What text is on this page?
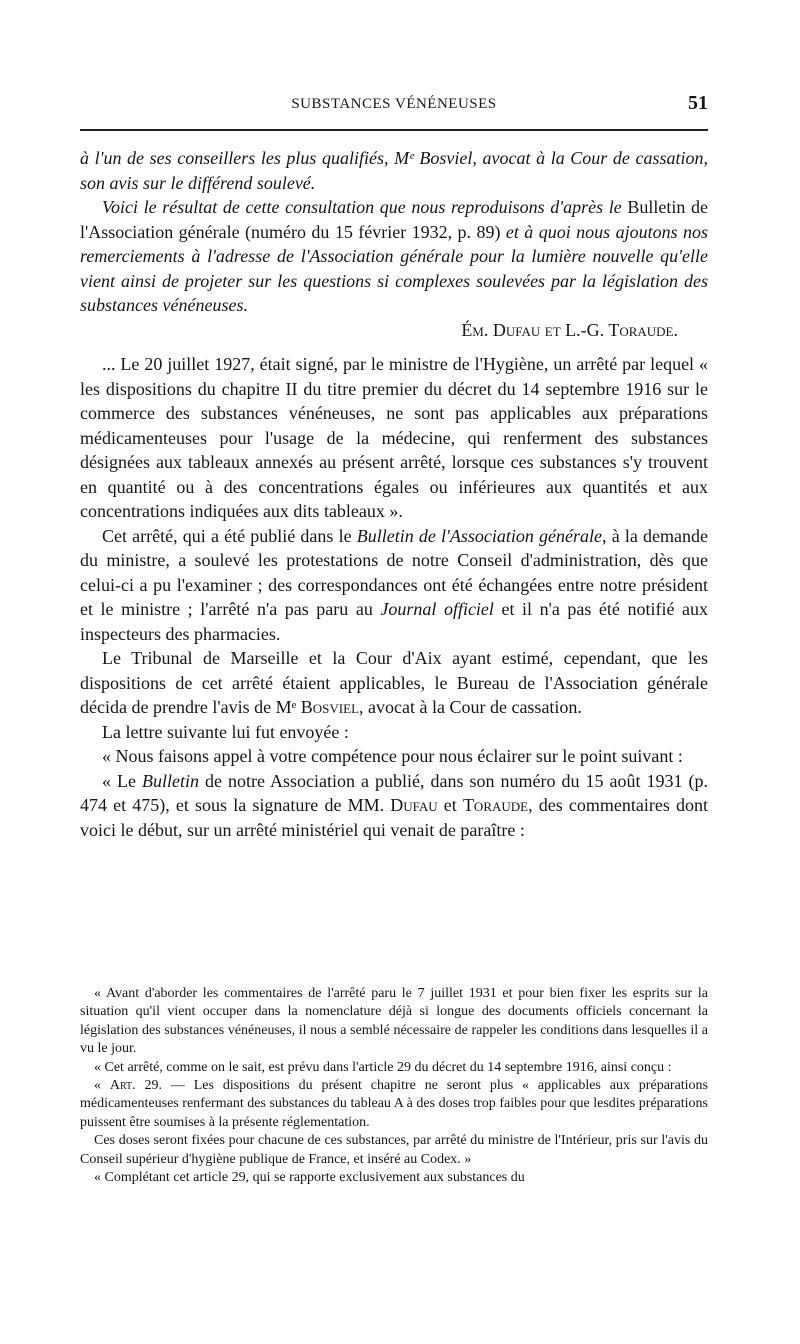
SUBSTANCES VÉNÉNEUSES	51

à l'un de ses conseillers les plus qualifiés, Mᵉ Bosviel, avocat à la Cour de cassation, son avis sur le différend soulevé.

Voici le résultat de cette consultation que nous reproduisons d'après le Bulletin de l'Association générale (numéro du 15 février 1932, p. 89) et à quoi nous ajoutons nos remerciements à l'adresse de l'Association générale pour la lumière nouvelle qu'elle vient ainsi de projeter sur les questions si complexes soulevées par la législation des substances vénéneuses.

Ém. Dufau et L.-G. Toraude.

... Le 20 juillet 1927, était signé, par le ministre de l'Hygiène, un arrêté par lequel « les dispositions du chapitre II du titre premier du décret du 14 septembre 1916 sur le commerce des substances vénéneuses, ne sont pas applicables aux préparations médicamenteuses pour l'usage de la médecine, qui renferment des substances désignées aux tableaux annexés au présent arrêté, lorsque ces substances s'y trouvent en quantité ou à des concentrations égales ou inférieures aux quantités et aux concentrations indiquées aux dits tableaux ».

Cet arrêté, qui a été publié dans le Bulletin de l'Association générale, à la demande du ministre, a soulevé les protestations de notre Conseil d'administration, dès que celui-ci a pu l'examiner ; des correspondances ont été échangées entre notre président et le ministre ; l'arrêté n'a pas paru au Journal officiel et il n'a pas été notifié aux inspecteurs des pharmacies.

Le Tribunal de Marseille et la Cour d'Aix ayant estimé, cependant, que les dispositions de cet arrêté étaient applicables, le Bureau de l'Association générale décida de prendre l'avis de Mᵉ Bosviel, avocat à la Cour de cassation.

La lettre suivante lui fut envoyée :

« Nous faisons appel à votre compétence pour nous éclairer sur le point suivant :

« Le Bulletin de notre Association a publié, dans son numéro du 15 août 1931 (p. 474 et 475), et sous la signature de MM. Dufau et Toraude, des commentaires dont voici le début, sur un arrêté ministériel qui venait de paraître :

« Avant d'aborder les commentaires de l'arrêté paru le 7 juillet 1931 et pour bien fixer les esprits sur la situation qu'il vient occuper dans la nomenclature déjà si longue des documents officiels concernant la législation des substances vénéneuses, il nous a semblé nécessaire de rappeler les conditions dans lesquelles il a vu le jour.

« Cet arrêté, comme on le sait, est prévu dans l'article 29 du décret du 14 septembre 1916, ainsi conçu :

« Art. 29. — Les dispositions du présent chapitre ne seront plus « applicables aux préparations médicamenteuses renfermant des substances du tableau A à des doses trop faibles pour que lesdites préparations puissent être soumises à la présente réglementation.

Ces doses seront fixées pour chacune de ces substances, par arrêté du ministre de l'Intérieur, pris sur l'avis du Conseil supérieur d'hygiène publique de France, et inséré au Codex. »

« Complétant cet article 29, qui se rapporte exclusivement aux substances du
